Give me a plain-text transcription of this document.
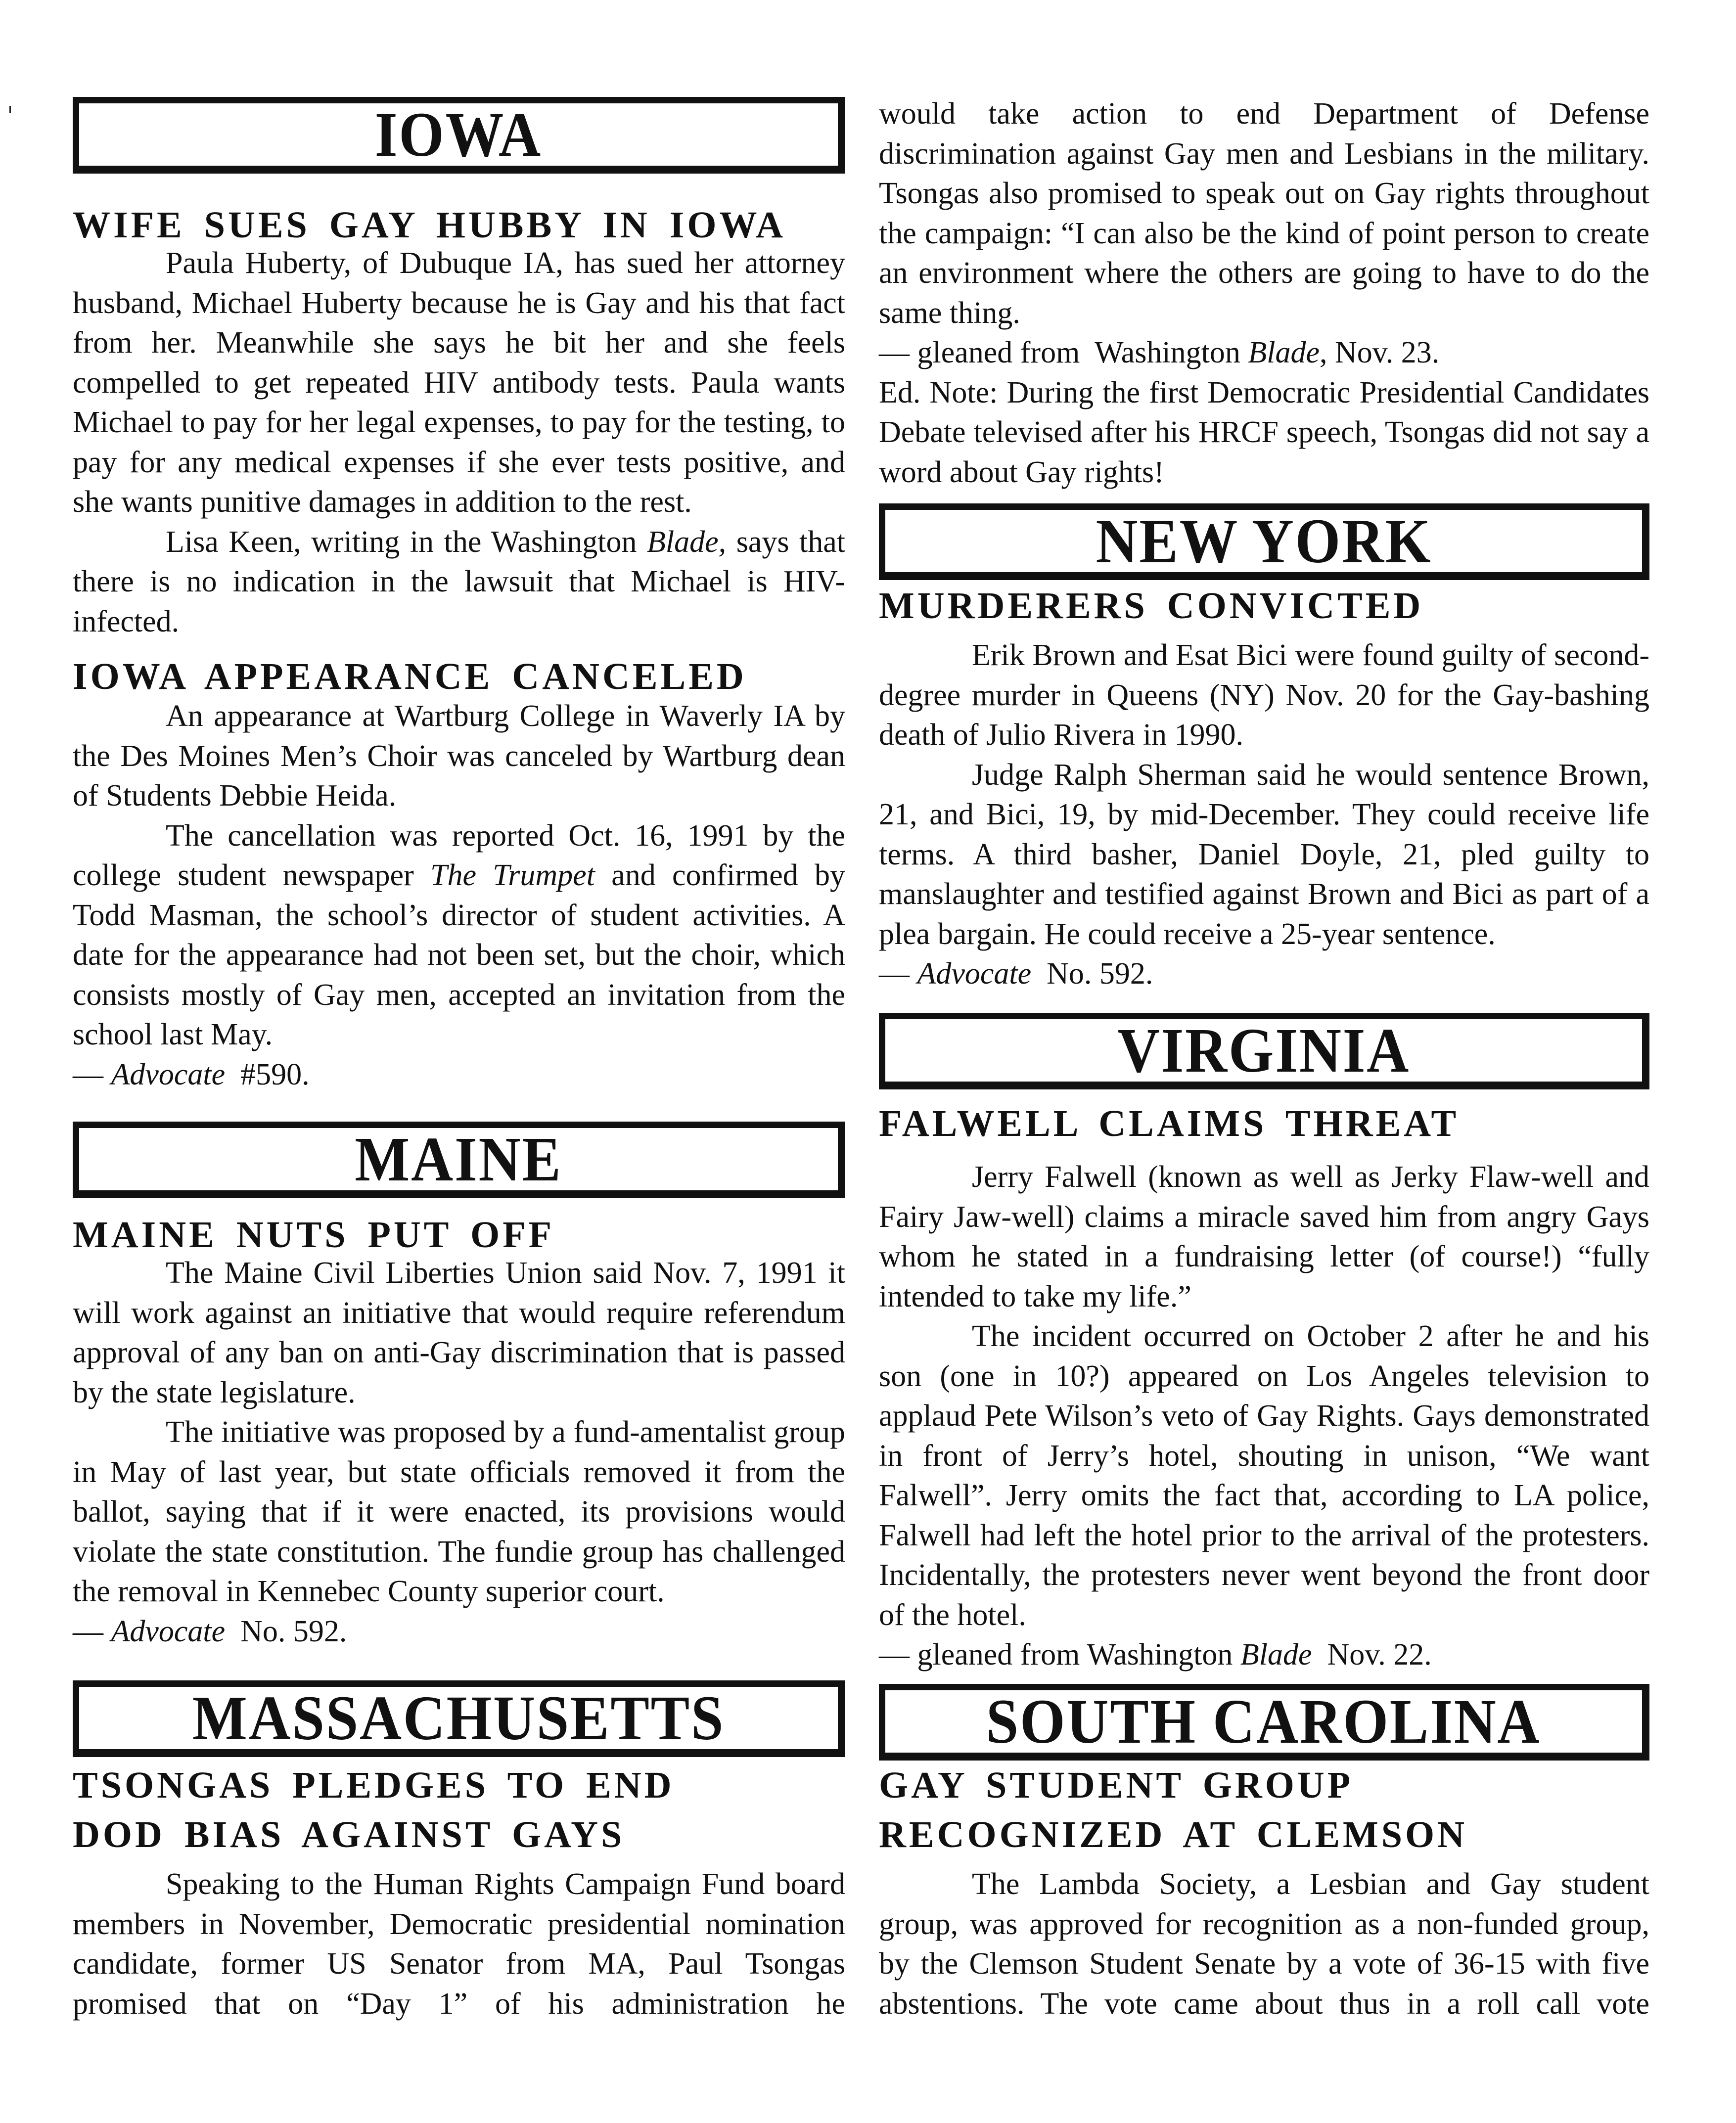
IOWA
WIFE SUES GAY HUBBY IN IOWA

Paula Huberty, of Dubuque IA, has sued her attorney husband, Michael Huberty because he is Gay and his that fact from her. Meanwhile she says he bit her and she feels compelled to get repeated HIV antibody tests. Paula wants Michael to pay for her legal expenses, to pay for the testing, to pay for any medical expenses if she ever tests positive, and she wants punitive damages in addition to the rest.

Lisa Keen, writing in the Washington Blade, says that there is no indication in the lawsuit that Michael is HIV-infected.

IOWA APPEARANCE CANCELED

An appearance at Wartburg College in Waverly IA by the Des Moines Men’s Choir was canceled by Wartburg dean of Students Debbie Heida.

The cancellation was reported Oct. 16, 1991 by the college student newspaper The Trumpet and confirmed by Todd Masman, the school’s director of student activities. A date for the appearance had not been set, but the choir, which consists mostly of Gay men, accepted an invitation from the school last May.

— Advocate  #590.

MAINE
MAINE NUTS PUT OFF

The Maine Civil Liberties Union said Nov. 7, 1991 it will work against an initiative that would require referendum approval of any ban on anti-Gay discrimination that is passed by the state legislature.

The initiative was proposed by a fund-amentalist group in May of last year, but state officials removed it from the ballot, saying that if it were enacted, its provisions would violate the state constitution. The fundie group has challenged the removal in Kennebec County superior court.

— Advocate  No. 592.

MASSACHUSETTS
TSONGAS PLEDGES TO END
DOD BIAS AGAINST GAYS

Speaking to the Human Rights Campaign Fund board members in November, Democratic presidential nomination candidate, former US Senator from MA, Paul Tsongas promised that on “Day 1” of his administration he

would take action to end Department of Defense discrimination against Gay men and Lesbians in the military. Tsongas also promised to speak out on Gay rights throughout the campaign: “I can also be the kind of point person to create an environment where the others are going to have to do the same thing.

— gleaned from  Washington Blade, Nov. 23.

Ed. Note: During the first Democratic Presidential Candidates Debate televised after his HRCF speech, Tsongas did not say a word about Gay rights!

NEW YORK
MURDERERS CONVICTED

Erik Brown and Esat Bici were found guilty of second-degree murder in Queens (NY) Nov. 20 for the Gay-bashing death of Julio Rivera in 1990.

Judge Ralph Sherman said he would sentence Brown, 21, and Bici, 19, by mid-December. They could receive life terms. A third basher, Daniel Doyle, 21, pled guilty to manslaughter and testified against Brown and Bici as part of a plea bargain. He could receive a 25-year sentence.

— Advocate  No. 592.

VIRGINIA
FALWELL CLAIMS THREAT

Jerry Falwell (known as well as Jerky Flaw-well and Fairy Jaw-well) claims a miracle saved him from angry Gays whom he stated in a fundraising letter (of course!) “fully intended to take my life.”

The incident occurred on October 2 after he and his son (one in 10?) appeared on Los Angeles television to applaud Pete Wilson’s veto of Gay Rights. Gays demonstrated in front of Jerry’s hotel, shouting in unison, “We want Falwell”. Jerry omits the fact that, according to LA police, Falwell had left the hotel prior to the arrival of the protesters. Incidentally, the protesters never went beyond the front door of the hotel.

— gleaned from Washington Blade  Nov. 22.

SOUTH CAROLINA
GAY STUDENT GROUP
RECOGNIZED AT CLEMSON

The Lambda Society, a Lesbian and Gay student group, was approved for recognition as a non-funded group, by the Clemson Student Senate by a vote of 36-15 with five abstentions. The vote came about thus in a roll call vote
